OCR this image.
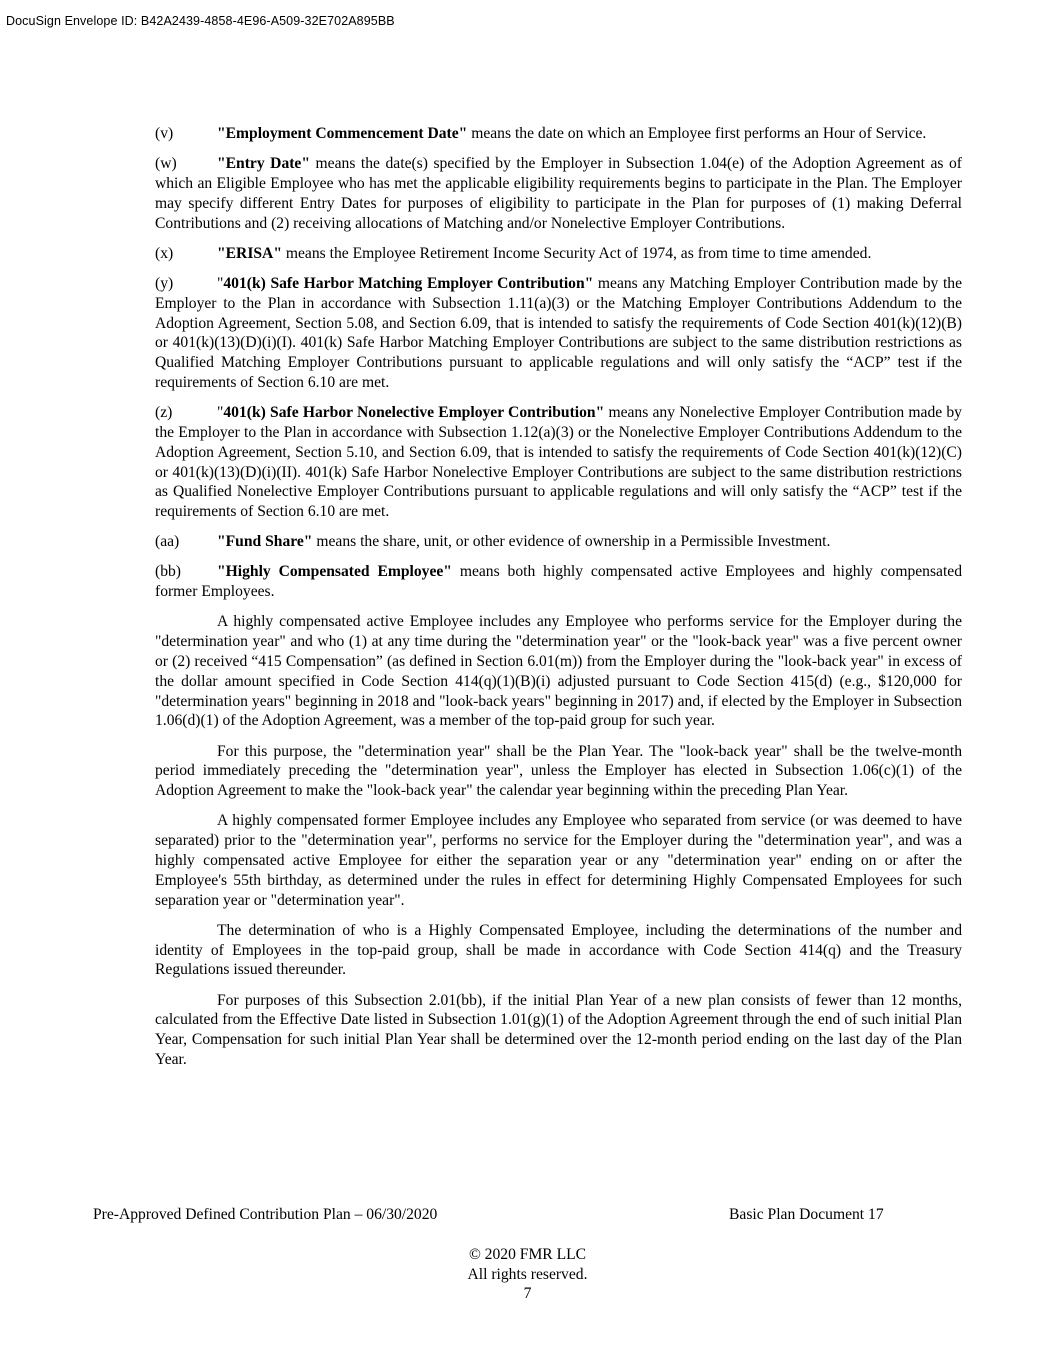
DocuSign Envelope ID: B42A2439-4858-4E96-A509-32E702A895BB

(v)	"Employment Commencement Date" means the date on which an Employee first performs an Hour of Service.

(w)	"Entry Date" means the date(s) specified by the Employer in Subsection 1.04(e) of the Adoption Agreement as of which an Eligible Employee who has met the applicable eligibility requirements begins to participate in the Plan. The Employer may specify different Entry Dates for purposes of eligibility to participate in the Plan for purposes of (1) making Deferral Contributions and (2) receiving allocations of Matching and/or Nonelective Employer Contributions.

(x)	"ERISA" means the Employee Retirement Income Security Act of 1974, as from time to time amended.

(y)	"401(k) Safe Harbor Matching Employer Contribution" means any Matching Employer Contribution made by the Employer to the Plan in accordance with Subsection 1.11(a)(3) or the Matching Employer Contributions Addendum to the Adoption Agreement, Section 5.08, and Section 6.09, that is intended to satisfy the requirements of Code Section 401(k)(12)(B) or 401(k)(13)(D)(i)(I). 401(k) Safe Harbor Matching Employer Contributions are subject to the same distribution restrictions as Qualified Matching Employer Contributions pursuant to applicable regulations and will only satisfy the “ACP” test if the requirements of Section 6.10 are met.

(z)	"401(k) Safe Harbor Nonelective Employer Contribution" means any Nonelective Employer Contribution made by the Employer to the Plan in accordance with Subsection 1.12(a)(3) or the Nonelective Employer Contributions Addendum to the Adoption Agreement, Section 5.10, and Section 6.09, that is intended to satisfy the requirements of Code Section 401(k)(12)(C) or 401(k)(13)(D)(i)(II). 401(k) Safe Harbor Nonelective Employer Contributions are subject to the same distribution restrictions as Qualified Nonelective Employer Contributions pursuant to applicable regulations and will only satisfy the “ACP” test if the requirements of Section 6.10 are met.

(aa) "Fund Share" means the share, unit, or other evidence of ownership in a Permissible Investment.

(bb) "Highly Compensated Employee" means both highly compensated active Employees and highly compensated former Employees.

A highly compensated active Employee includes any Employee who performs service for the Employer during the "determination year" and who (1) at any time during the "determination year" or the "look-back year" was a five percent owner or (2) received “415 Compensation” (as defined in Section 6.01(m)) from the Employer during the "look-back year" in excess of the dollar amount specified in Code Section 414(q)(1)(B)(i) adjusted pursuant to Code Section 415(d) (e.g., $120,000 for "determination years" beginning in 2018 and "look-back years" beginning in 2017) and, if elected by the Employer in Subsection 1.06(d)(1) of the Adoption Agreement, was a member of the top-paid group for such year.

For this purpose, the "determination year" shall be the Plan Year. The "look-back year" shall be the twelve-month period immediately preceding the "determination year", unless the Employer has elected in Subsection 1.06(c)(1) of the Adoption Agreement to make the "look-back year" the calendar year beginning within the preceding Plan Year.

A highly compensated former Employee includes any Employee who separated from service (or was deemed to have separated) prior to the "determination year", performs no service for the Employer during the "determination year", and was a highly compensated active Employee for either the separation year or any "determination year" ending on or after the Employee's 55th birthday, as determined under the rules in effect for determining Highly Compensated Employees for such separation year or "determination year".

The determination of who is a Highly Compensated Employee, including the determinations of the number and identity of Employees in the top-paid group, shall be made in accordance with Code Section 414(q) and the Treasury Regulations issued thereunder.

For purposes of this Subsection 2.01(bb), if the initial Plan Year of a new plan consists of fewer than 12 months, calculated from the Effective Date listed in Subsection 1.01(g)(1) of the Adoption Agreement through the end of such initial Plan Year, Compensation for such initial Plan Year shall be determined over the 12-month period ending on the last day of the Plan Year.

Pre-Approved Defined Contribution Plan – 06/30/2020	Basic Plan Document 17
© 2020 FMR LLC
All rights reserved.
7
